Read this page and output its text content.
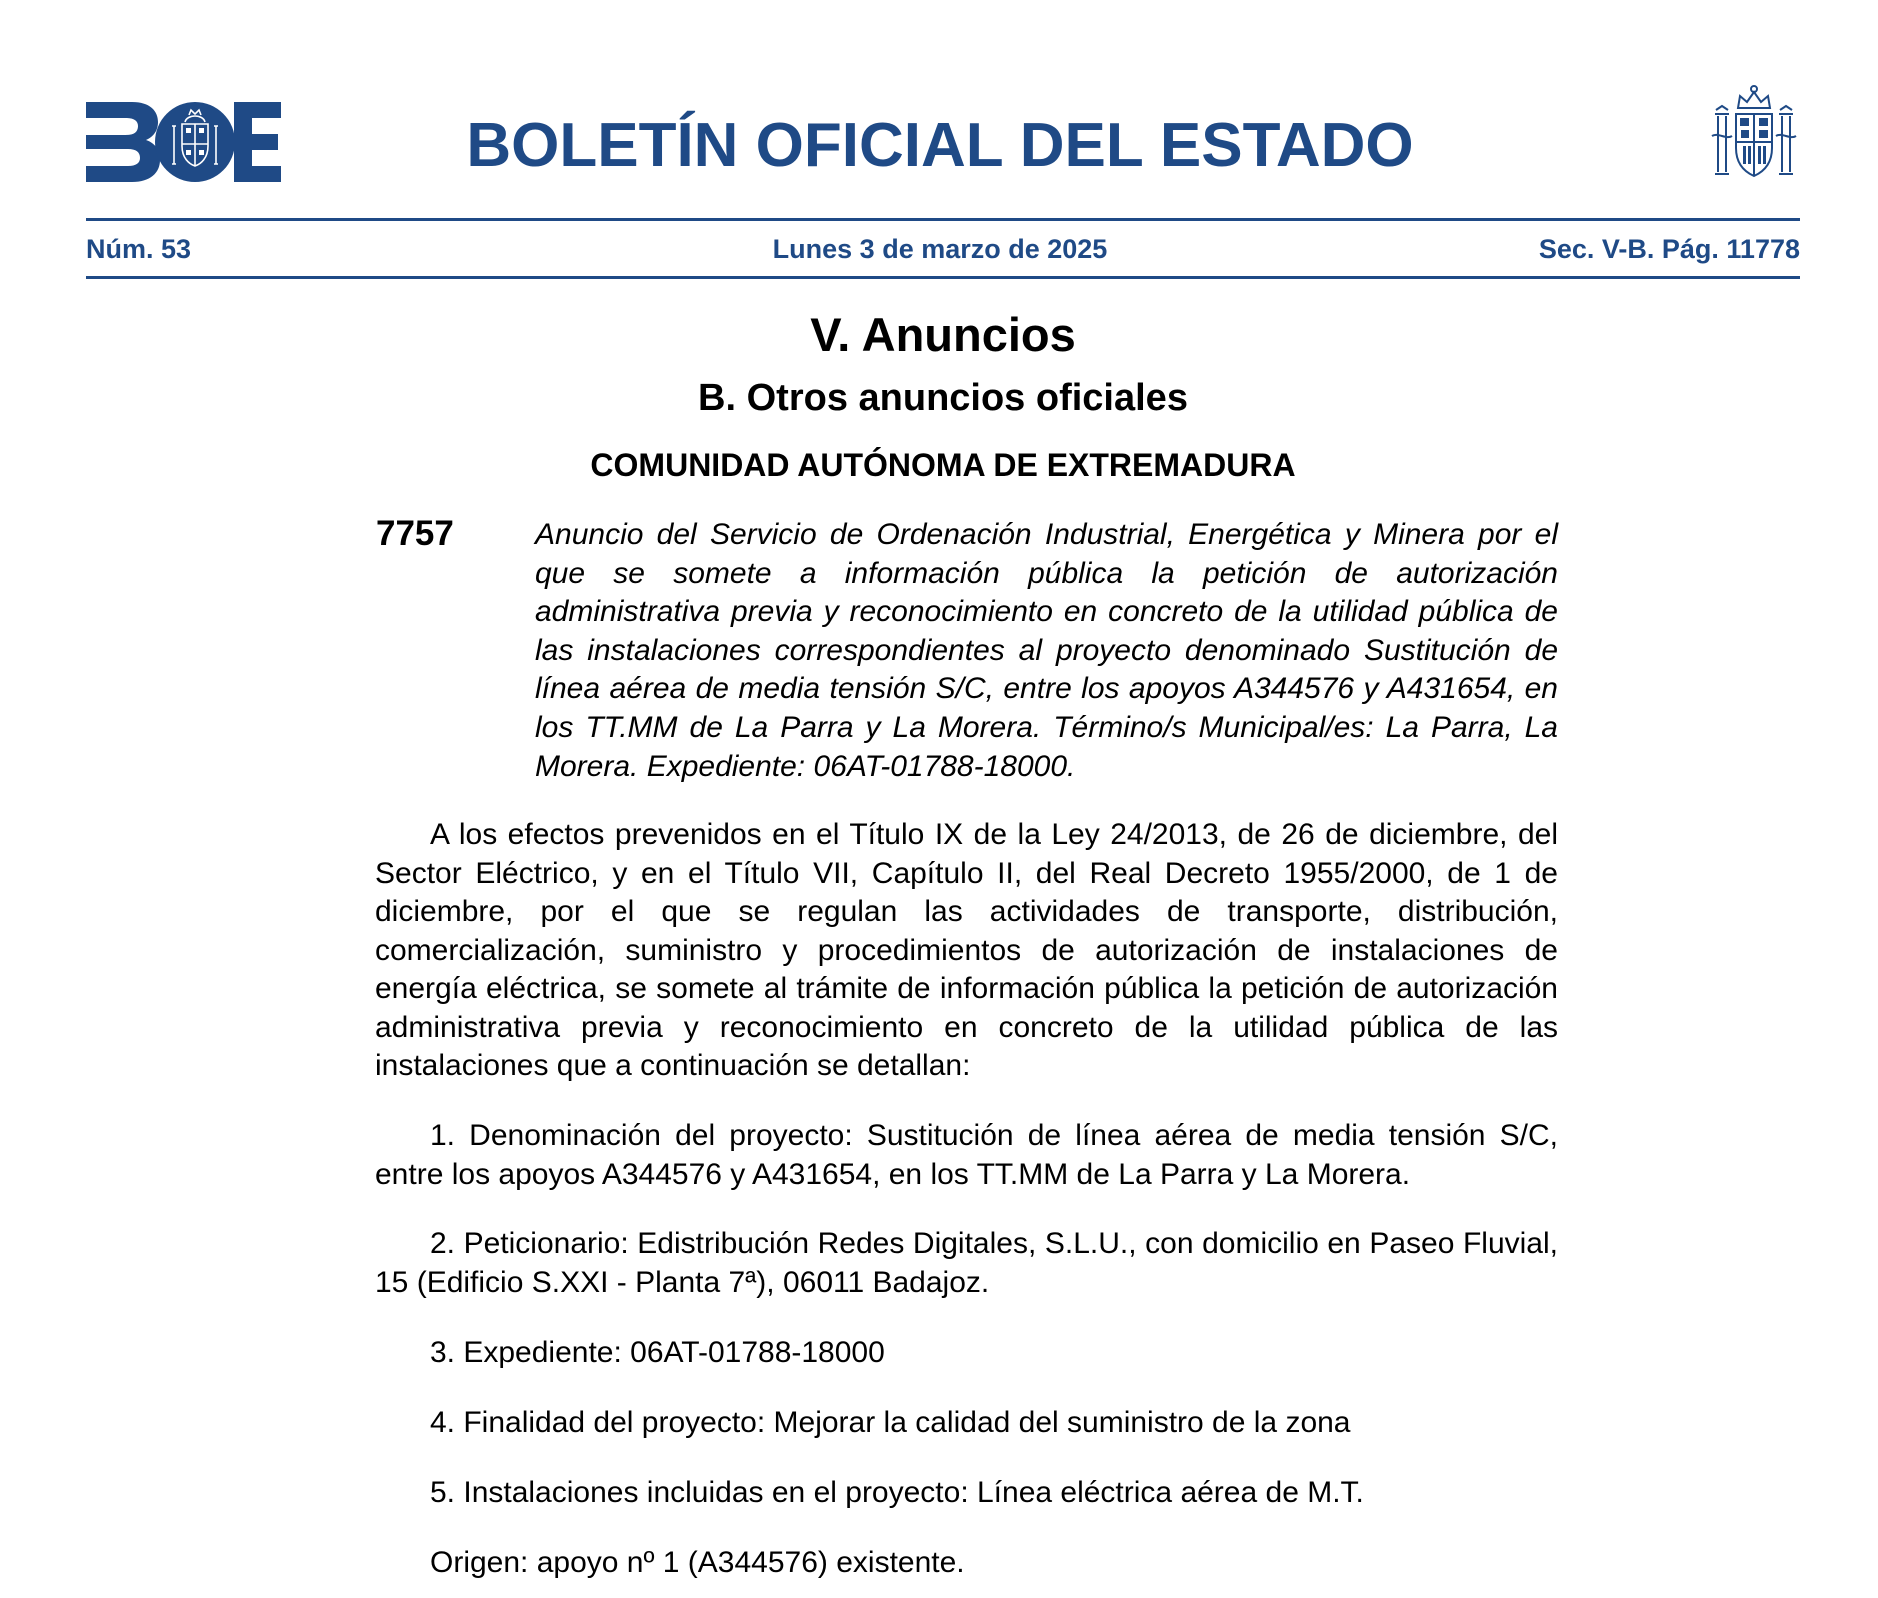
BOLETÍN OFICIAL DEL ESTADO
Núm. 53	Lunes 3 de marzo de 2025	Sec. V-B. Pág. 11778
V. Anuncios
B. Otros anuncios oficiales
COMUNIDAD AUTÓNOMA DE EXTREMADURA
7757	Anuncio del Servicio de Ordenación Industrial, Energética y Minera por el que se somete a información pública la petición de autorización administrativa previa y reconocimiento en concreto de la utilidad pública de las instalaciones correspondientes al proyecto denominado Sustitución de línea aérea de media tensión S/C, entre los apoyos A344576 y A431654, en los TT.MM de La Parra y La Morera. Término/s Municipal/es: La Parra, La Morera. Expediente: 06AT-01788-18000.

A los efectos prevenidos en el Título IX de la Ley 24/2013, de 26 de diciembre, del Sector Eléctrico, y en el Título VII, Capítulo II, del Real Decreto 1955/2000, de 1 de diciembre, por el que se regulan las actividades de transporte, distribución, comercialización, suministro y procedimientos de autorización de instalaciones de energía eléctrica, se somete al trámite de información pública la petición de autorización administrativa previa y reconocimiento en concreto de la utilidad pública de las instalaciones que a continuación se detallan:

1. Denominación del proyecto: Sustitución de línea aérea de media tensión S/C, entre los apoyos A344576 y A431654, en los TT.MM de La Parra y La Morera.

2. Peticionario: Edistribución Redes Digitales, S.L.U., con domicilio en Paseo Fluvial, 15 (Edificio S.XXI - Planta 7ª), 06011 Badajoz.

3. Expediente: 06AT-01788-18000

4. Finalidad del proyecto: Mejorar la calidad del suministro de la zona

5. Instalaciones incluidas en el proyecto: Línea eléctrica aérea de M.T.

Origen: apoyo nº 1 (A344576) existente.
